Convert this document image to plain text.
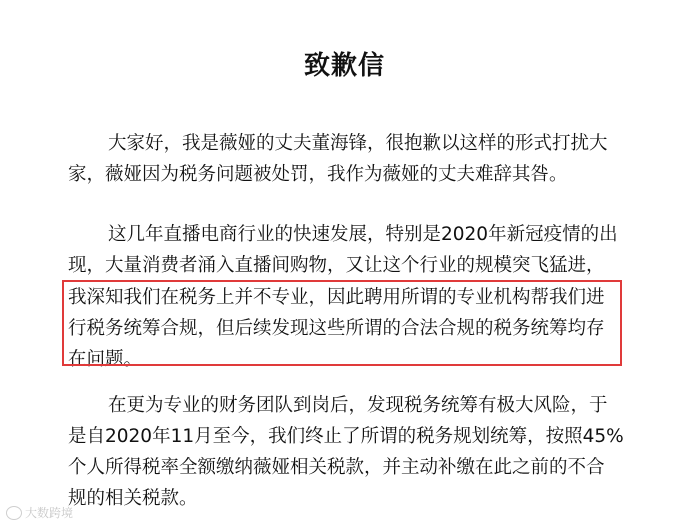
致歉信
大家好，我是薇娅的丈夫董海锋，很抱歉以这样的形式打扰大
家，薇娅因为税务问题被处罚，我作为薇娅的丈夫难辞其咎。
这几年直播电商行业的快速发展，特别是2020年新冠疫情的出
现，大量消费者涌入直播间购物，又让这个行业的规模突飞猛进，
我深知我们在税务上并不专业，因此聘用所谓的专业机构帮我们进
行税务统筹合规，但后续发现这些所谓的合法合规的税务统筹均存
在问题。
在更为专业的财务团队到岗后，发现税务统筹有极大风险，于
是自2020年11月至今，我们终止了所谓的税务规划统筹，按照45%
个人所得税率全额缴纳薇娅相关税款，并主动补缴在此之前的不合
规的相关税款。
大数跨境
